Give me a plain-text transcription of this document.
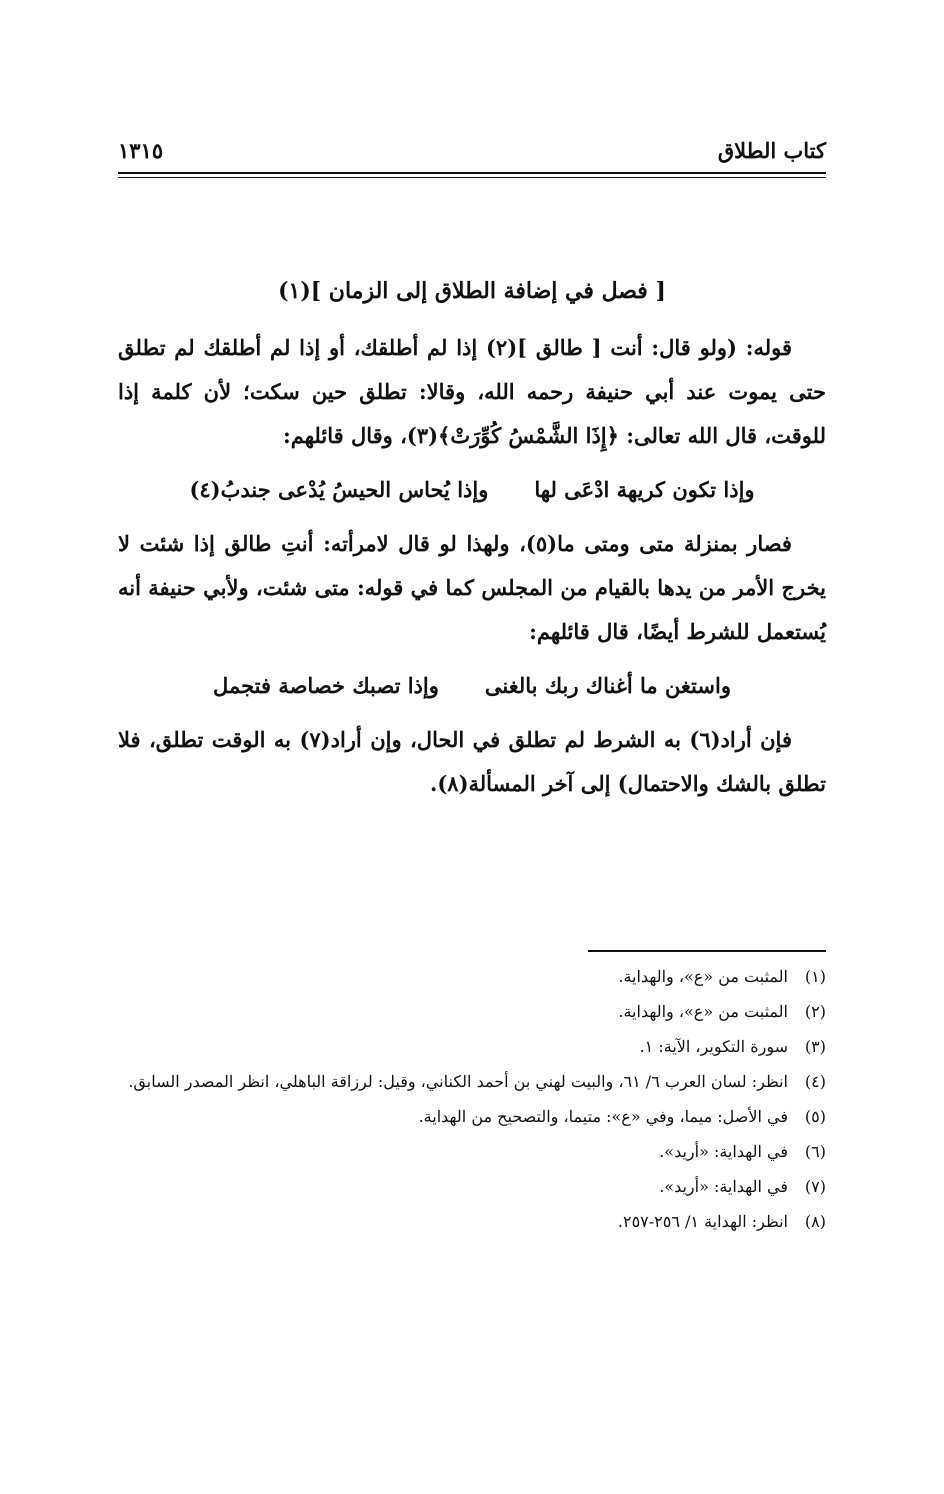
كتاب الطلاق
١٣١٥
[ فصل في إضافة الطلاق إلى الزمان ](١)

قوله: (ولو قال: أنت [ طالق ](٢) إذا لم أطلقك، أو إذا لم أطلقك لم تطلق حتى يموت عند أبي حنيفة رحمه الله، وقالا: تطلق حين سكت؛ لأن كلمة إذا للوقت، قال الله تعالى: ﴿إِذَا الشَّمْسُ كُوِّرَتْ﴾(٣)، وقال قائلهم:

وإذا تكون كريهة ادْعَى لها
وإذا يُحاس الحيسُ يُدْعى جندبُ(٤)

فصار بمنزلة متى ومتى ما(٥)، ولهذا لو قال لامرأته: أنتِ طالق إذا شئت لا يخرج الأمر من يدها بالقيام من المجلس كما في قوله: متى شئت، ولأبي حنيفة أنه يُستعمل للشرط أيضًا، قال قائلهم:

واستغن ما أغناك ربك بالغنى
وإذا تصبك خصاصة فتجمل

فإن أراد(٦) به الشرط لم تطلق في الحال، وإن أراد(٧) به الوقت تطلق، فلا تطلق بالشك والاحتمال) إلى آخر المسألة(٨).

(١)
المثبت من «ع»، والهداية.
(٢)
المثبت من «ع»، والهداية.
(٣)
سورة التكوير، الآية: ١.
(٤)
انظر: لسان العرب ٦/ ٦١، والبيت لهني بن أحمد الكناني، وقيل: لرزاقة الباهلي، انظر المصدر السابق.
(٥)
في الأصل: ميما، وفي «ع»: متيما، والتصحيح من الهداية.
(٦)
في الهداية: «أريد».
(٧)
في الهداية: «أريد».
(٨)
انظر: الهداية ١/ ٢٥٦-٢٥٧.
